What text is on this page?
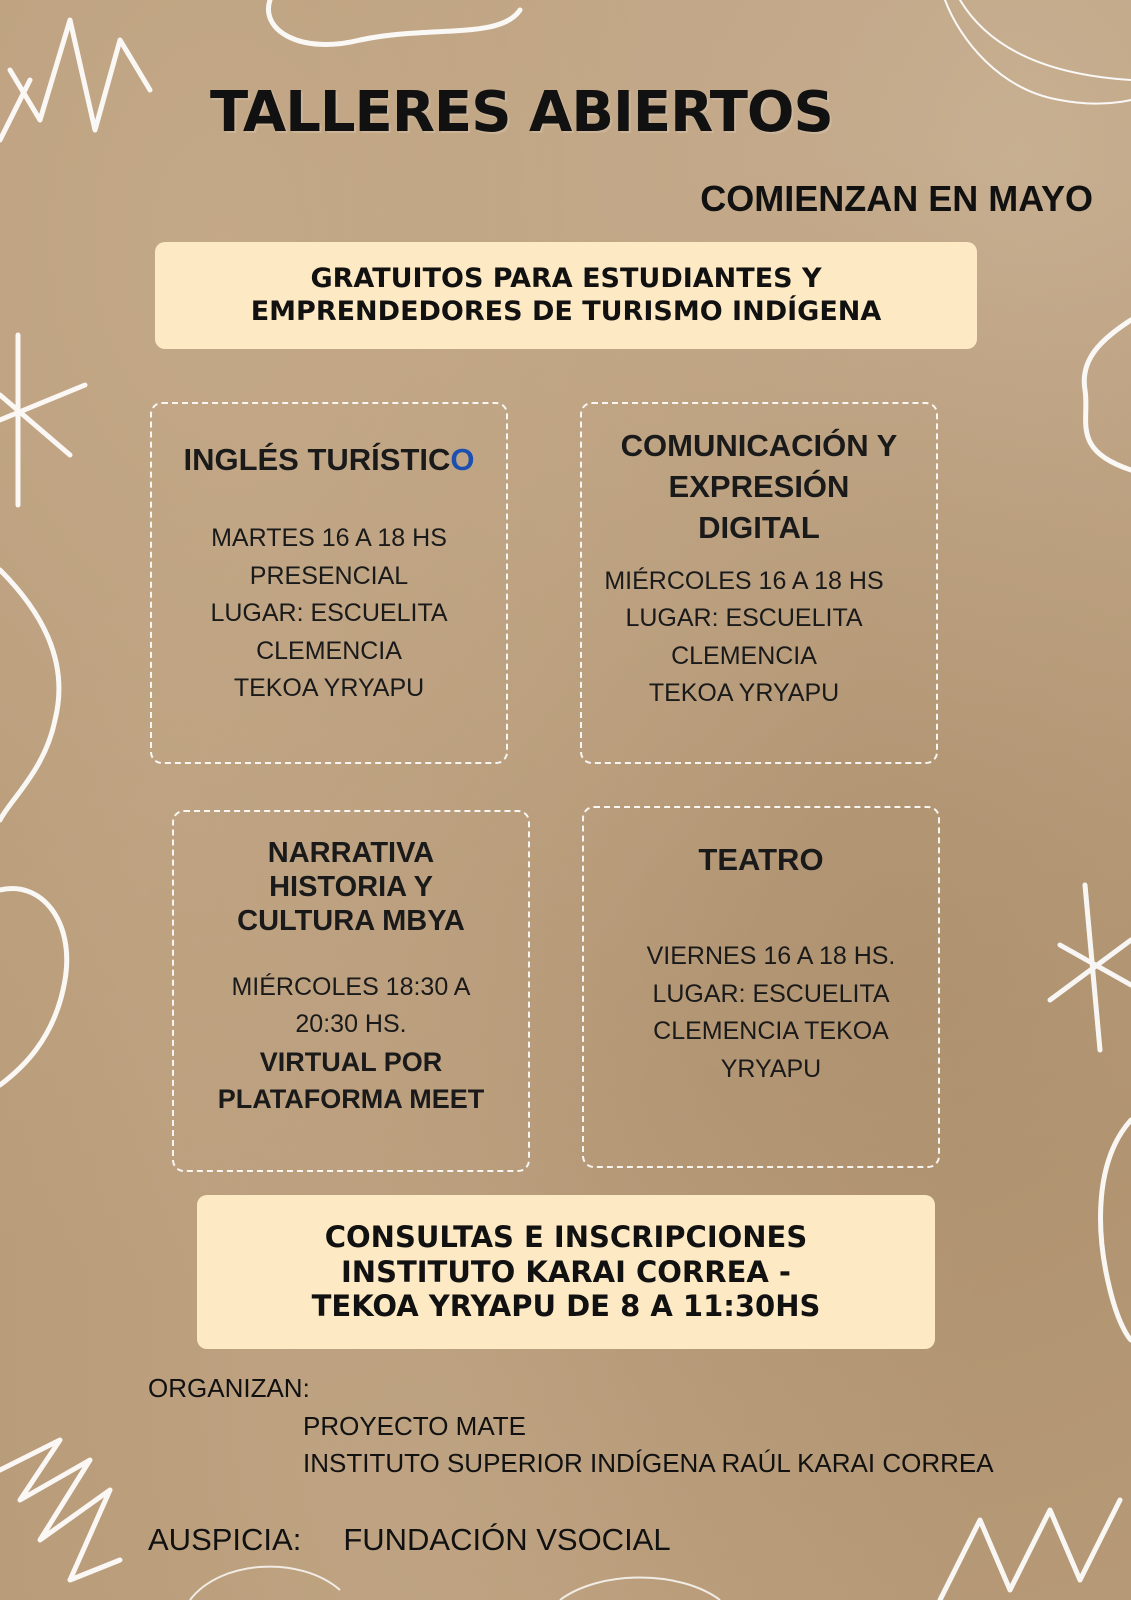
TALLERES ABIERTOS
COMIENZAN EN MAYO
GRATUITOS PARA ESTUDIANTES Y
EMPRENDEDORES DE TURISMO INDÍGENA
INGLÉS TURÍSTICO
MARTES 16 A 18 HS
PRESENCIAL
LUGAR: ESCUELITA
CLEMENCIA
TEKOA YRYAPU
COMUNICACIÓN Y
EXPRESIÓN
DIGITAL
MIÉRCOLES 16 A 18 HS
LUGAR: ESCUELITA
CLEMENCIA
TEKOA YRYAPU
NARRATIVA
HISTORIA Y
CULTURA MBYA
MIÉRCOLES 18:30 A
20:30 HS.
VIRTUAL POR
PLATAFORMA MEET
TEATRO
VIERNES 16 A 18 HS.
LUGAR: ESCUELITA
CLEMENCIA TEKOA
YRYAPU
CONSULTAS E INSCRIPCIONES
INSTITUTO KARAI CORREA -
TEKOA YRYAPU DE 8 A 11:30HS
ORGANIZAN:
PROYECTO MATE
INSTITUTO SUPERIOR INDÍGENA RAÚL KARAI CORREA
AUSPICIA: FUNDACIÓN VSOCIAL
